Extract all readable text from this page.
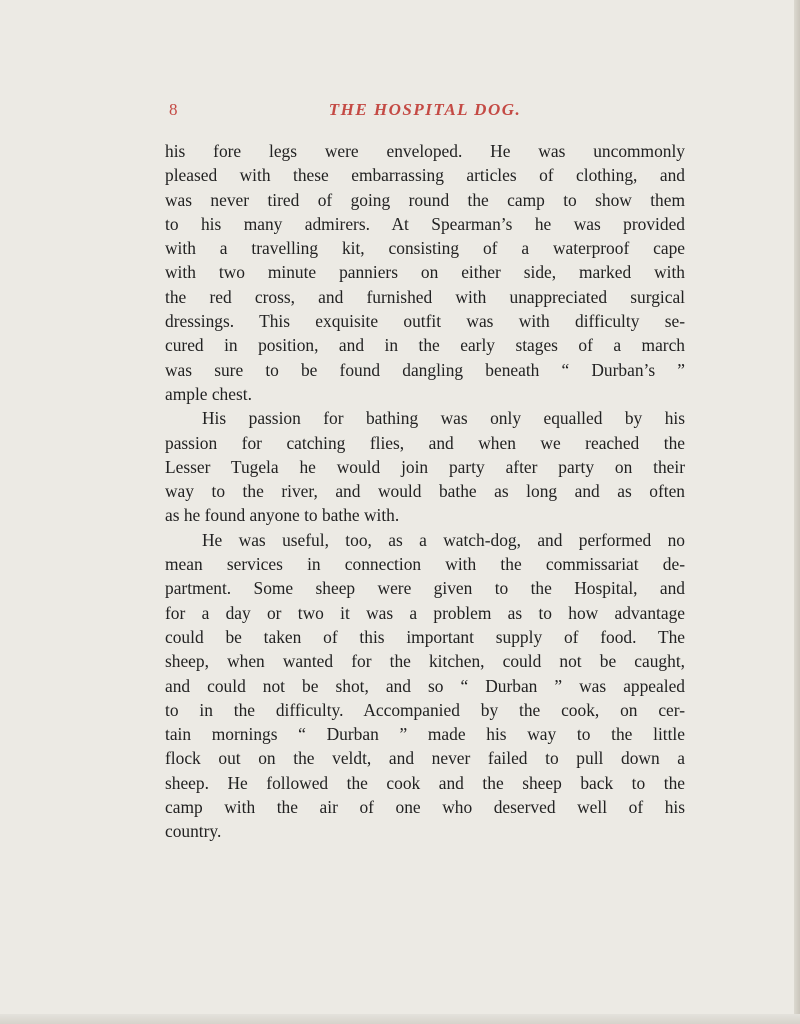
8	THE HOSPITAL DOG.
his fore legs were enveloped. He was uncommonly
pleased with these embarrassing articles of clothing, and
was never tired of going round the camp to show them
to his many admirers. At Spearman’s he was provided
with a travelling kit, consisting of a waterproof cape
with two minute panniers on either side, marked with
the red cross, and furnished with unappreciated surgical
dressings. This exquisite outfit was with difficulty se-
cured in position, and in the early stages of a march
was sure to be found dangling beneath “ Durban’s ”
ample chest.
His passion for bathing was only equalled by his
passion for catching flies, and when we reached the
Lesser Tugela he would join party after party on their
way to the river, and would bathe as long and as often
as he found anyone to bathe with.
He was useful, too, as a watch-dog, and performed no
mean services in connection with the commissariat de-
partment. Some sheep were given to the Hospital, and
for a day or two it was a problem as to how advantage
could be taken of this important supply of food. The
sheep, when wanted for the kitchen, could not be caught,
and could not be shot, and so “ Durban ” was appealed
to in the difficulty. Accompanied by the cook, on cer-
tain mornings “ Durban ” made his way to the little
flock out on the veldt, and never failed to pull down a
sheep. He followed the cook and the sheep back to the
camp with the air of one who deserved well of his
country.
